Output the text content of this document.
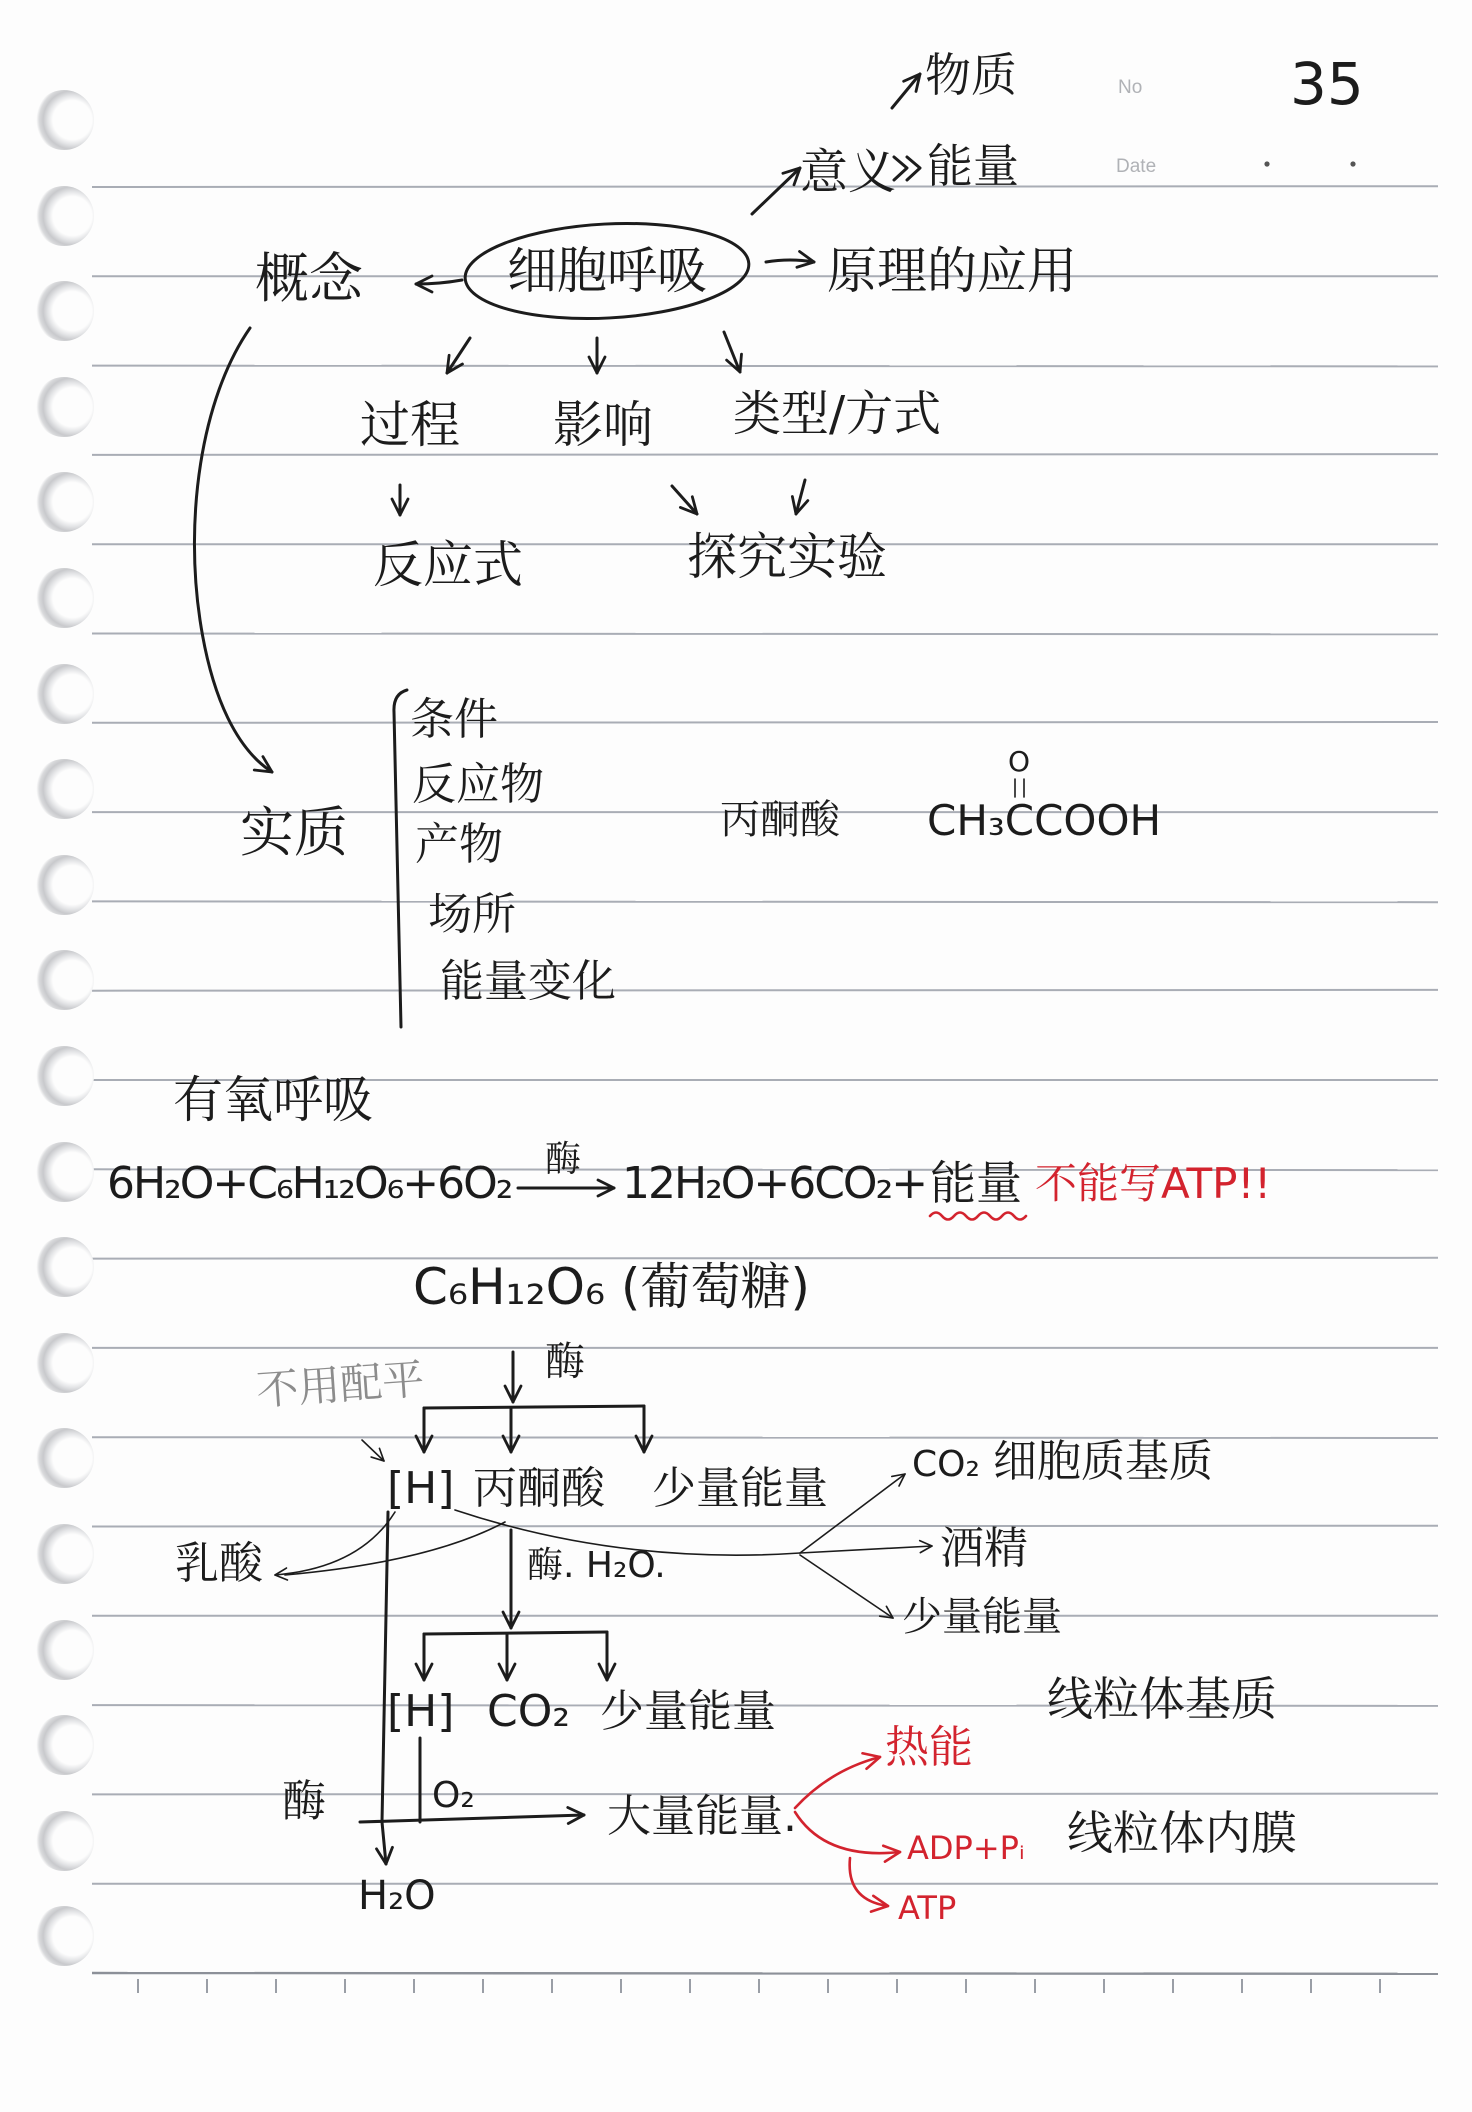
No
Date
35
物质
意义 能量
概念	细胞呼吸 原理的应用
过程 影响 类型/方式
反应式	探究实验
实质
条件
反应物
产物
场所
能量变化
丙酮酸
O
CH₃CCOOH
有氧呼吸
6H₂O+C₆H₁₂O₆+6O₂ 酶 12H₂O+6CO₂+ 能量 不能写ATP!!
C₆H₁₂O₆ (葡萄糖)
不用配平	酶
[H] 丙酮酸 少量能量 CO₂ 细胞质基质
乳酸	酒精
少量能量
酶. H₂O.
[H] CO₂ 少量能量	线粒体基质
酶	O₂	大量能量.
热能
ADP+Pᵢ
ATP
线粒体内膜
H₂O
